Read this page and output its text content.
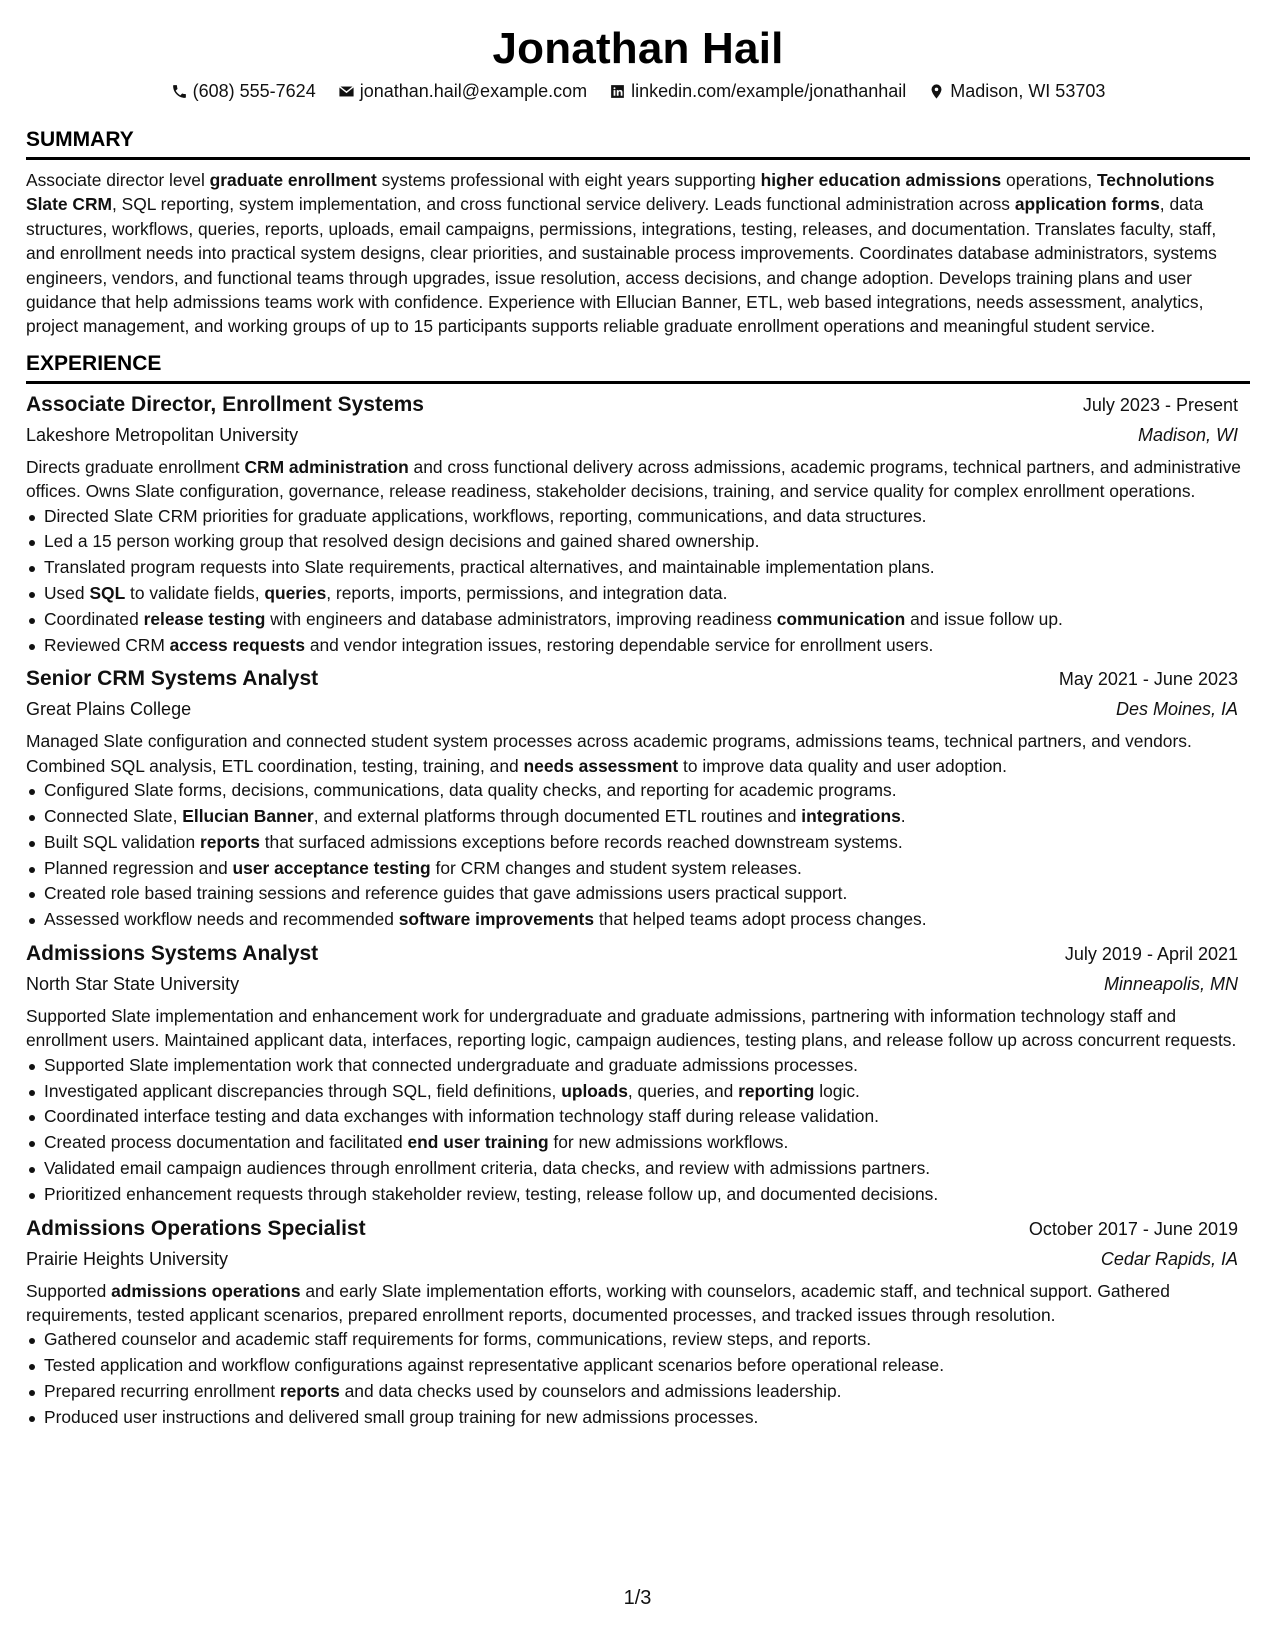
Jonathan Hail
(608) 555-7624 jonathan.hail@example.com linkedin.com/example/jonathanhail Madison, WI 53703
SUMMARY
Associate director level graduate enrollment systems professional with eight years supporting higher education admissions operations, Technolutions Slate CRM, SQL reporting, system implementation, and cross functional service delivery. Leads functional administration across application forms, data structures, workflows, queries, reports, uploads, email campaigns, permissions, integrations, testing, releases, and documentation. Translates faculty, staff, and enrollment needs into practical system designs, clear priorities, and sustainable process improvements. Coordinates database administrators, systems engineers, vendors, and functional teams through upgrades, issue resolution, access decisions, and change adoption. Develops training plans and user guidance that help admissions teams work with confidence. Experience with Ellucian Banner, ETL, web based integrations, needs assessment, analytics, project management, and working groups of up to 15 participants supports reliable graduate enrollment operations and meaningful student service.
EXPERIENCE
Associate Director, Enrollment Systems	July 2023 - Present
Lakeshore Metropolitan University	Madison, WI
Directs graduate enrollment CRM administration and cross functional delivery across admissions, academic programs, technical partners, and administrative offices. Owns Slate configuration, governance, release readiness, stakeholder decisions, training, and service quality for complex enrollment operations.
Directed Slate CRM priorities for graduate applications, workflows, reporting, communications, and data structures.
Led a 15 person working group that resolved design decisions and gained shared ownership.
Translated program requests into Slate requirements, practical alternatives, and maintainable implementation plans.
Used SQL to validate fields, queries, reports, imports, permissions, and integration data.
Coordinated release testing with engineers and database administrators, improving readiness communication and issue follow up.
Reviewed CRM access requests and vendor integration issues, restoring dependable service for enrollment users.
Senior CRM Systems Analyst	May 2021 - June 2023
Great Plains College	Des Moines, IA
Managed Slate configuration and connected student system processes across academic programs, admissions teams, technical partners, and vendors. Combined SQL analysis, ETL coordination, testing, training, and needs assessment to improve data quality and user adoption.
Configured Slate forms, decisions, communications, data quality checks, and reporting for academic programs.
Connected Slate, Ellucian Banner, and external platforms through documented ETL routines and integrations.
Built SQL validation reports that surfaced admissions exceptions before records reached downstream systems.
Planned regression and user acceptance testing for CRM changes and student system releases.
Created role based training sessions and reference guides that gave admissions users practical support.
Assessed workflow needs and recommended software improvements that helped teams adopt process changes.
Admissions Systems Analyst	July 2019 - April 2021
North Star State University	Minneapolis, MN
Supported Slate implementation and enhancement work for undergraduate and graduate admissions, partnering with information technology staff and enrollment users. Maintained applicant data, interfaces, reporting logic, campaign audiences, testing plans, and release follow up across concurrent requests.
Supported Slate implementation work that connected undergraduate and graduate admissions processes.
Investigated applicant discrepancies through SQL, field definitions, uploads, queries, and reporting logic.
Coordinated interface testing and data exchanges with information technology staff during release validation.
Created process documentation and facilitated end user training for new admissions workflows.
Validated email campaign audiences through enrollment criteria, data checks, and review with admissions partners.
Prioritized enhancement requests through stakeholder review, testing, release follow up, and documented decisions.
Admissions Operations Specialist	October 2017 - June 2019
Prairie Heights University	Cedar Rapids, IA
Supported admissions operations and early Slate implementation efforts, working with counselors, academic staff, and technical support. Gathered requirements, tested applicant scenarios, prepared enrollment reports, documented processes, and tracked issues through resolution.
Gathered counselor and academic staff requirements for forms, communications, review steps, and reports.
Tested application and workflow configurations against representative applicant scenarios before operational release.
Prepared recurring enrollment reports and data checks used by counselors and admissions leadership.
Produced user instructions and delivered small group training for new admissions processes.
1/3
